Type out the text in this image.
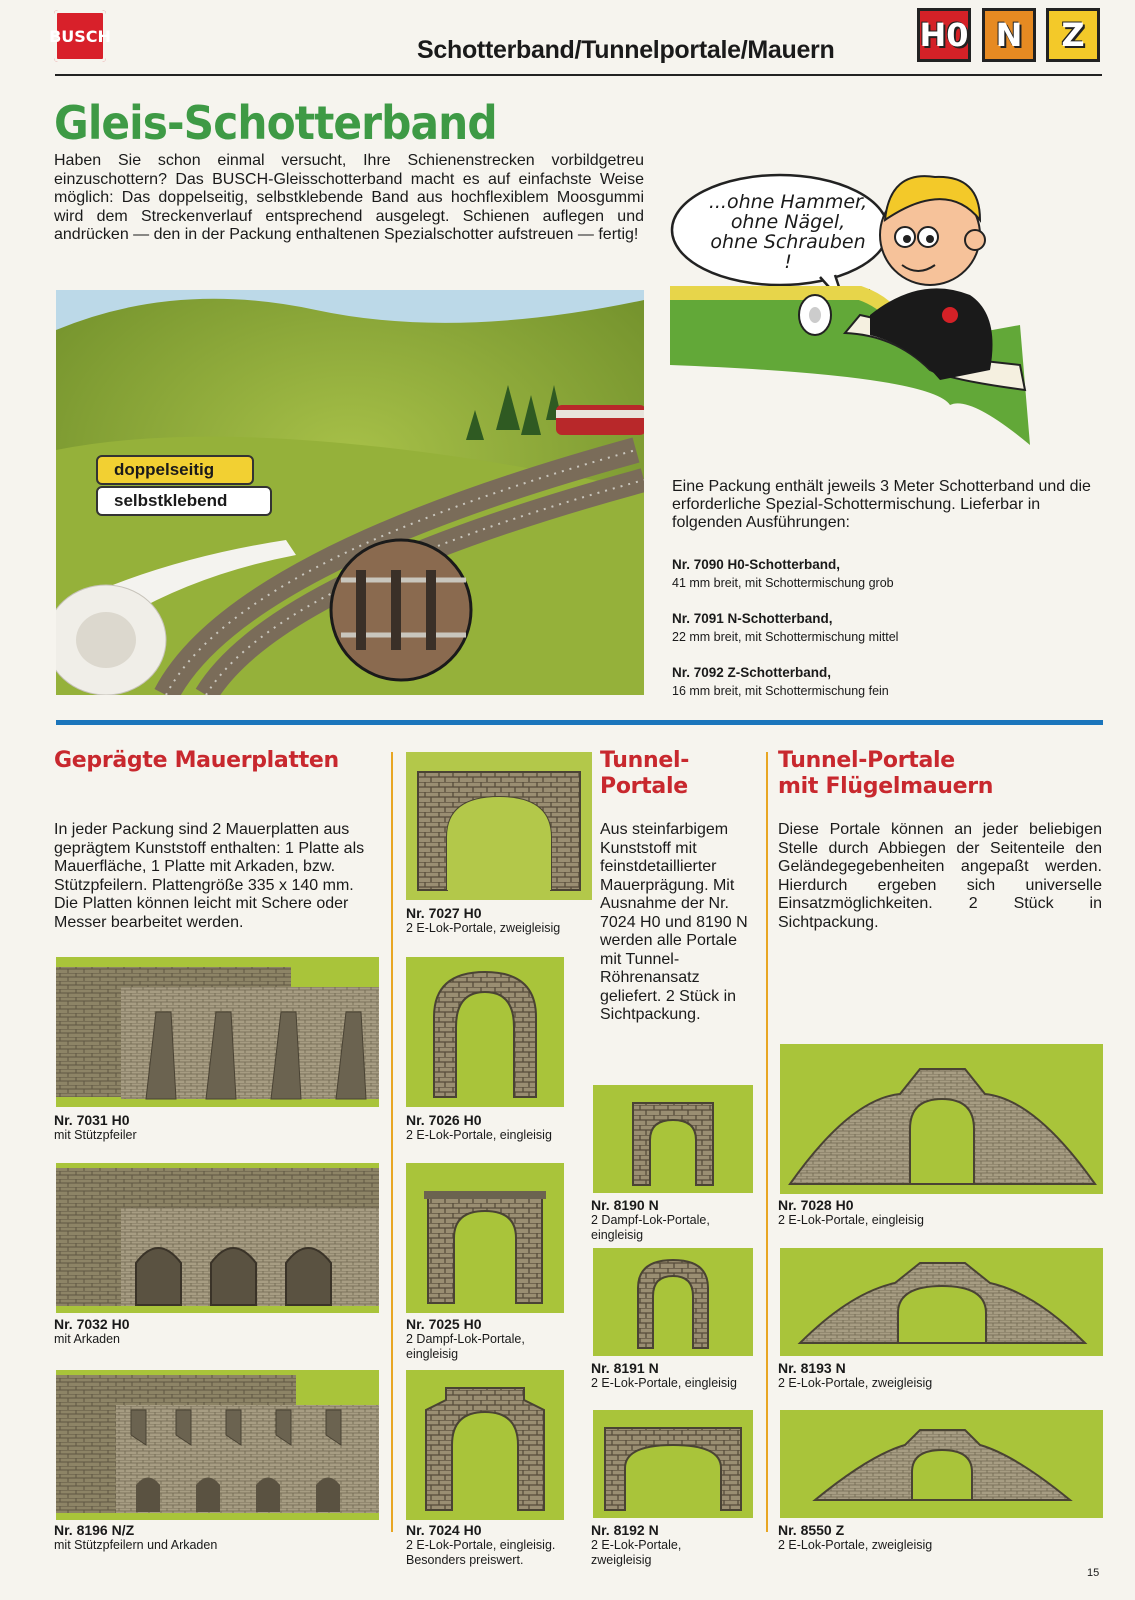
BUSCH	Schotterband/Tunnelportale/Mauern	H0 N	Z
Gleis-Schotterband
Haben Sie schon einmal versucht, Ihre Schienenstrecken vorbildgetreu einzuschottern? Das BUSCH-Gleisschotterband macht es auf einfachste Weise möglich: Das doppelseitig, selbstklebende Band aus hochflexiblem Moosgummi wird dem Streckenverlauf entsprechend ausgelegt. Schienen auflegen und andrücken — den in der Packung enthaltenen Spezialschotter aufstreuen — fertig!
doppelseitig
selbstklebend
...ohne Hammer,
ohne Nägel,
ohne Schrauben
!
Eine Packung enthält jeweils 3 Meter Schotterband und die erforderliche Spezial-Schottermischung. Lieferbar in folgenden Ausführungen:
Nr. 7090 H0-Schotterband,
41 mm breit, mit Schottermischung grob
Nr. 7091 N-Schotterband,
22 mm breit, mit Schottermischung mittel
Nr. 7092 Z-Schotterband,
16 mm breit, mit Schottermischung fein
Geprägte Mauerplatten
In jeder Packung sind 2 Mauerplatten aus geprägtem Kunststoff enthalten: 1 Platte als Mauerfläche, 1 Platte mit Arkaden, bzw. Stützpfeilern. Plattengröße 335 x 140 mm. Die Platten können leicht mit Schere oder Messer bearbeitet werden.
Nr. 7031 H0
mit Stützpfeiler
Nr. 7032 H0
mit Arkaden
Nr. 8196 N/Z
mit Stützpfeilern und Arkaden
Nr. 7027 H0
2 E-Lok-Portale, zweigleisig
Nr. 7026 H0
2 E-Lok-Portale, eingleisig
Nr. 7025 H0
2 Dampf-Lok-Portale,
eingleisig
Nr. 7024 H0
2 E-Lok-Portale, eingleisig.
Besonders preiswert.
Tunnel-
Portale
Aus steinfarbigem Kunststoff mit feinstdetaillierter Mauerprägung. Mit Ausnahme der Nr. 7024 H0 und 8190 N werden alle Portale mit Tunnel-Röhrenansatz geliefert. 2 Stück in Sichtpackung.
Nr. 8190 N
2 Dampf-Lok-Portale,
eingleisig
Nr. 8191 N
2 E-Lok-Portale, eingleisig
Nr. 8192 N
2 E-Lok-Portale,
zweigleisig
Tunnel-Portale
mit Flügelmauern
Diese Portale können an jeder beliebigen Stelle durch Abbiegen der Seitenteile den Geländegegebenheiten angepaßt werden. Hierdurch ergeben sich universelle Einsatzmöglichkeiten. 2 Stück in Sichtpackung.
Nr. 7028 H0
2 E-Lok-Portale, eingleisig
Nr. 8193 N
2 E-Lok-Portale, zweigleisig
Nr. 8550 Z
2 E-Lok-Portale, zweigleisig
15
